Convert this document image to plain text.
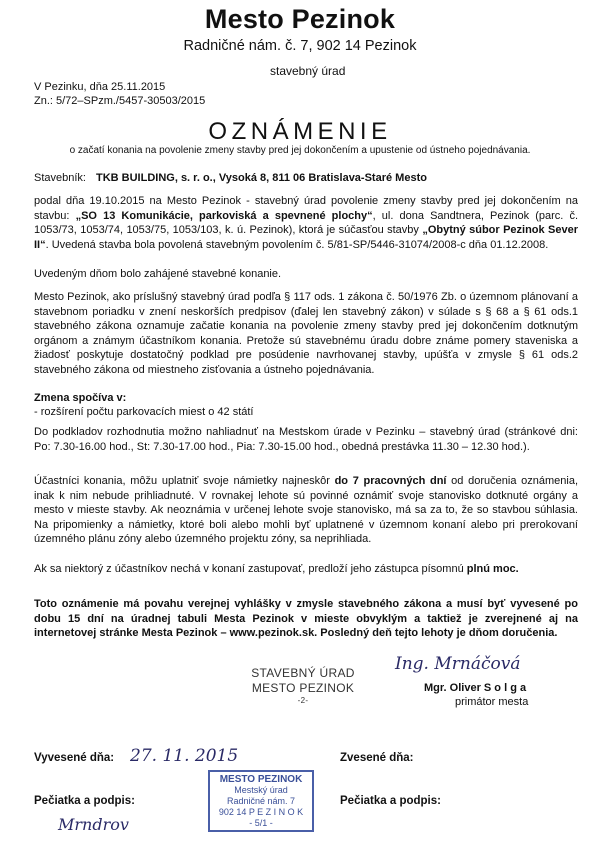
Mesto Pezinok
Radničné nám. č. 7, 902 14 Pezinok
stavebný úrad
V Pezinku, dňa 25.11.2015
Zn.: 5/72–SPzm./5457-30503/2015
OZNÁMENIE
o začatí konania na povolenie zmeny stavby pred jej dokončením a upustenie od ústneho pojednávania.
Stavebník: TKB BUILDING, s. r. o., Vysoká 8, 811 06 Bratislava-Staré Mesto
podal dňa 19.10.2015 na Mesto Pezinok - stavebný úrad povolenie zmeny stavby pred jej dokončením na stavbu: „SO 13 Komunikácie, parkoviská a spevnené plochy“, ul. dona Sandtnera, Pezinok (parc. č. 1053/73, 1053/74, 1053/75, 1053/103, k. ú. Pezinok), ktorá je súčasťou stavby „Obytný súbor Pezinok Sever II“. Uvedená stavba bola povolená stavebným povolením č. 5/81-SP/5446-31074/2008-c dňa 01.12.2008.
Uvedeným dňom bolo zahájené stavebné konanie.
Mesto Pezinok, ako príslušný stavebný úrad podľa § 117 ods. 1 zákona č. 50/1976 Zb. o územnom plánovaní a stavebnom poriadku v znení neskorších predpisov (ďalej len stavebný zákon) v súlade s § 68 a § 61 ods.1 stavebného zákona oznamuje začatie konania na povolenie zmeny stavby pred jej dokončením dotknutým orgánom a známym účastníkom konania. Pretože sú stavebnému úradu dobre známe pomery staveniska a žiadosť poskytuje dostatočný podklad pre posúdenie navrhovanej stavby, upúšťa v zmysle § 61 ods.2 stavebného zákona od miestneho zisťovania a ústneho pojednávania.
Zmena spočíva v:
- rozšírení počtu parkovacích miest o 42 státí
Do podkladov rozhodnutia možno nahliadnuť na Mestskom úrade v Pezinku – stavebný úrad (stránkové dni: Po: 7.30-16.00 hod., St: 7.30-17.00 hod., Pia: 7.30-15.00 hod., obedná prestávka 11.30 – 12.30 hod.).
Účastníci konania, môžu uplatniť svoje námietky najneskôr do 7 pracovných dní od doručenia oznámenia, inak k nim nebude prihliadnuté. V rovnakej lehote sú povinné oznámiť svoje stanovisko dotknuté orgány a mesto v mieste stavby. Ak neoznámia v určenej lehote svoje stanovisko, má sa za to, že so stavbou súhlasia. Na pripomienky a námietky, ktoré boli alebo mohli byť uplatnené v územnom konaní alebo pri prerokovaní územného plánu zóny alebo územného projektu zóny, sa neprihliada.
Ak sa niektorý z účastníkov nechá v konaní zastupovať, predloží jeho zástupca písomnú plnú moc.
Toto oznámenie má povahu verejnej vyhlášky v zmysle stavebného zákona a musí byť vyvesené po dobu 15 dní na úradnej tabuli Mesta Pezinok v mieste obvyklým a taktiež je zverejnené aj na internetovej stránke Mesta Pezinok – www.pezinok.sk. Posledný deň tejto lehoty je dňom doručenia.
STAVEBNÝ ÚRAD
MESTO PEZINOK
-2-
Ing. Mrnáčová
Mgr. Oliver S o l g a
primátor mesta
Vyvesené dňa: 27. 11. 2015	Zvesené dňa:
Pečiatka a podpis:	Pečiatka a podpis:
Mrndrov
MESTO PEZINOK
Mestský úrad
Radničné nám. 7
902 14 P E Z I N O K
- 5/1 -
